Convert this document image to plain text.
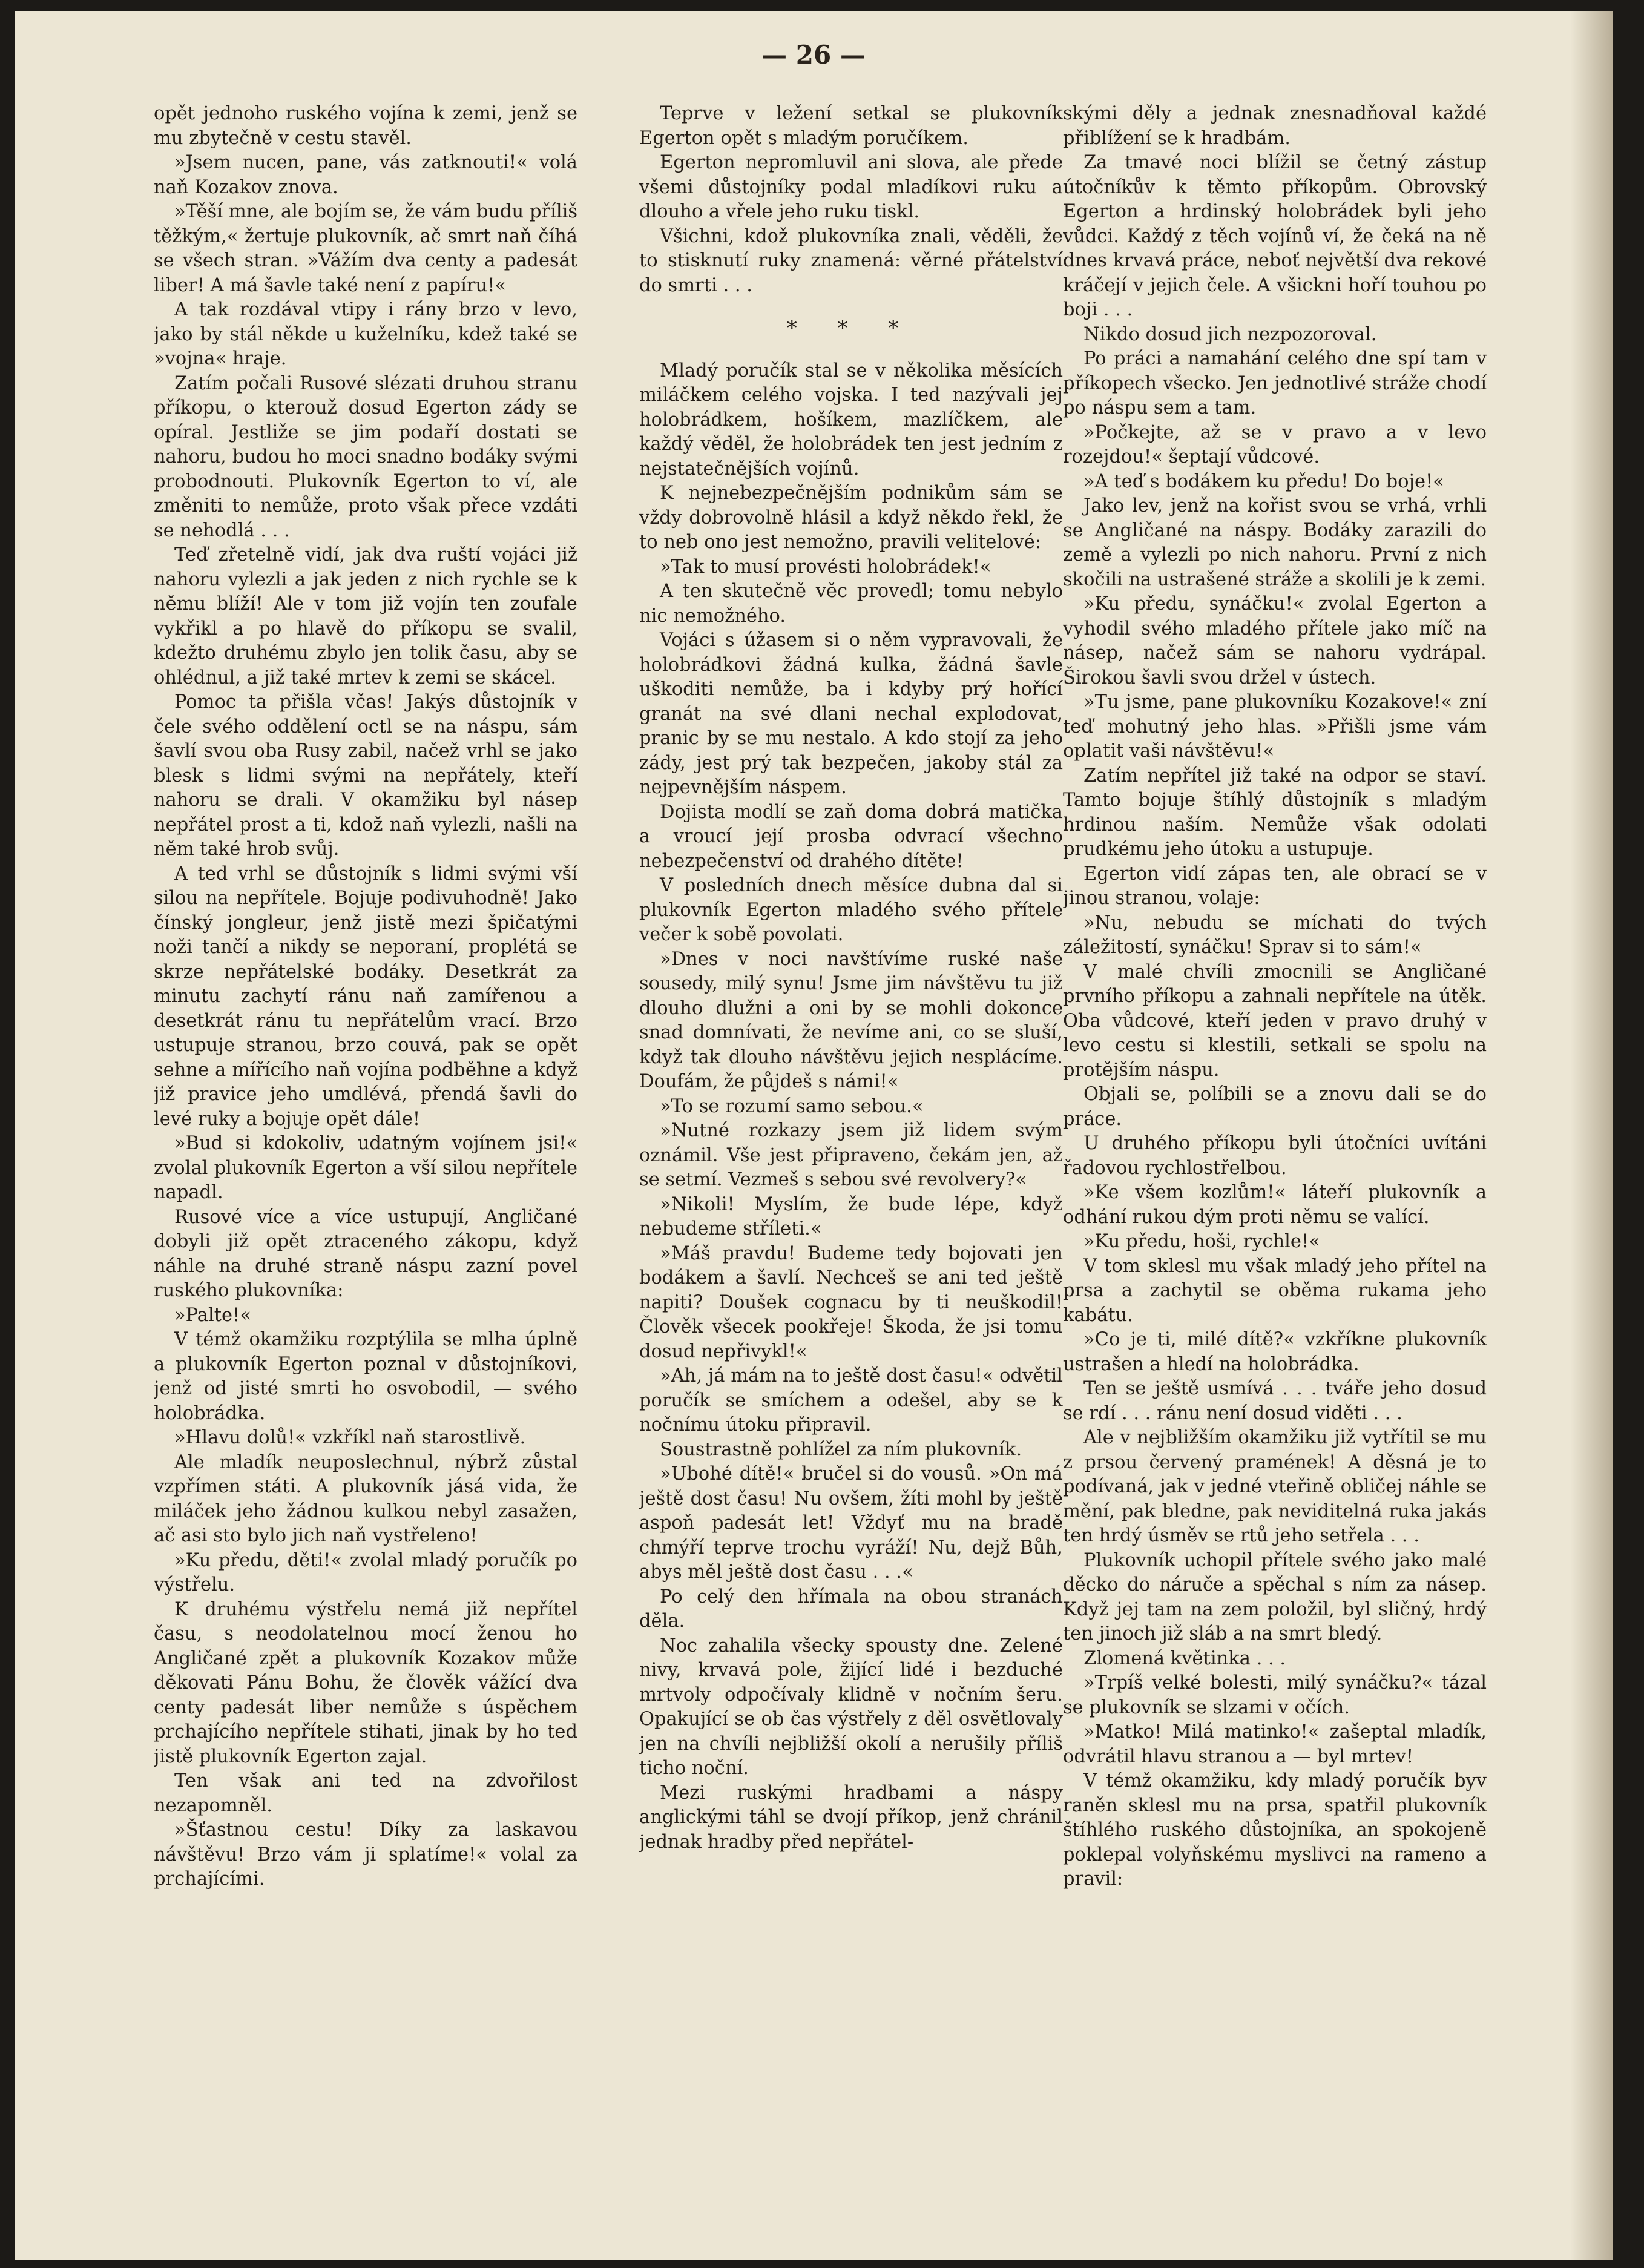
— 26 —

opět jednoho ruského vojína k zemi, jenž se mu zbytečně v cestu stavěl.

»Jsem nucen, pane, vás zatknouti!« volá naň Kozakov znova.

»Těší mne, ale bojím se, že vám budu příliš těžkým,« žertuje plukovník, ač smrt naň číhá se všech stran. »Vážím dva centy a padesát liber! A má šavle také není z papíru!«

A tak rozdával vtipy i rány brzo v levo, jako by stál někde u kuželníku, kdež také se »vojna« hraje.

Zatím počali Rusové slézati druhou stranu příkopu, o kterouž dosud Egerton zády se opíral. Jestliže se jim podaří dostati se nahoru, budou ho moci snadno bodáky svými probodnouti. Plukovník Egerton to ví, ale změniti to nemůže, proto však přece vzdáti se nehodlá . . .

Teď zřetelně vidí, jak dva ruští vojáci již nahoru vylezli a jak jeden z nich rychle se k němu blíží! Ale v tom již vojín ten zoufale vykřikl a po hlavě do příkopu se svalil, kdežto druhému zbylo jen tolik času, aby se ohlédnul, a již také mrtev k zemi se skácel.

Pomoc ta přišla včas! Jakýs důstojník v čele svého oddělení octl se na náspu, sám šavlí svou oba Rusy zabil, načež vrhl se jako blesk s lidmi svými na nepřátely, kteří nahoru se drali. V okamžiku byl násep nepřátel prost a ti, kdož naň vylezli, našli na něm také hrob svůj.

A ted vrhl se důstojník s lidmi svými vší silou na nepřítele. Bojuje podivuhodně! Jako čínský jongleur, jenž jistě mezi špičatými noži tančí a nikdy se neporaní, proplétá se skrze nepřátelské bodáky. Desetkrát za minutu zachytí ránu naň zamířenou a desetkrát ránu tu nepřátelům vrací. Brzo ustupuje stranou, brzo couvá, pak se opět sehne a mířícího naň vojína podběhne a když již pravice jeho umdlévá, přendá šavli do levé ruky a bojuje opět dále!

»Bud si kdokoliv, udatným vojínem jsi!« zvolal plukovník Egerton a vší silou nepřítele napadl.

Rusové více a více ustupují, Angličané dobyli již opět ztraceného zákopu, když náhle na druhé straně náspu zazní povel ruského plukovníka:

»Palte!«

V témž okamžiku rozptýlila se mlha úplně a plukovník Egerton poznal v důstojníkovi, jenž od jisté smrti ho osvobodil, — svého holobrádka.

»Hlavu dolů!« vzkříkl naň starostlivě.

Ale mladík neuposlechnul, nýbrž zůstal vzpřímen státi. A plukovník jásá vida, že miláček jeho žádnou kulkou nebyl zasažen, ač asi sto bylo jich naň vystřeleno!

»Ku předu, děti!« zvolal mladý poručík po výstřelu.

K druhému výstřelu nemá již nepřítel času, s neodolatelnou mocí ženou ho Angličané zpět a plukovník Kozakov může děkovati Pánu Bohu, že člověk vážící dva centy padesát liber nemůže s úspěchem prchajícího nepřítele stihati, jinak by ho ted jistě plukovník Egerton zajal.

Ten však ani ted na zdvořilost nezapomněl.

»Šťastnou cestu! Díky za laskavou návštěvu! Brzo vám ji splatíme!« volal za prchajícími.

Teprve v ležení setkal se plukovník Egerton opět s mladým poručíkem.

Egerton nepromluvil ani slova, ale přede všemi důstojníky podal mladíkovi ruku a dlouho a vřele jeho ruku tiskl.

Všichni, kdož plukovníka znali, věděli, že to stisknutí ruky znamená: věrné přátelství do smrti . . .

* * *

Mladý poručík stal se v několika měsících miláčkem celého vojska. I ted nazývali jej holobrádkem, hošíkem, mazlíčkem, ale každý věděl, že holobrádek ten jest jedním z nejstatečnějších vojínů.

K nejnebezpečnějším podnikům sám se vždy dobrovolně hlásil a když někdo řekl, že to neb ono jest nemožno, pravili velitelové:

»Tak to musí provésti holobrádek!«

A ten skutečně věc provedl; tomu nebylo nic nemožného.

Vojáci s úžasem si o něm vypravovali, že holobrádkovi žádná kulka, žádná šavle uškoditi nemůže, ba i kdyby prý hořící granát na své dlani nechal explodovat, pranic by se mu nestalo. A kdo stojí za jeho zády, jest prý tak bezpečen, jakoby stál za nejpevnějším náspem.

Dojista modlí se zaň doma dobrá matička a vroucí její prosba odvrací všechno nebezpečenství od drahého dítěte!

V posledních dnech měsíce dubna dal si plukovník Egerton mladého svého přítele večer k sobě povolati.

»Dnes v noci navštívíme ruské naše sousedy, milý synu! Jsme jim návštěvu tu již dlouho dlužni a oni by se mohli dokonce snad domnívati, že nevíme ani, co se sluší, když tak dlouho návštěvu jejich nesplácíme. Doufám, že půjdeš s námi!«

»To se rozumí samo sebou.«

»Nutné rozkazy jsem již lidem svým oznámil. Vše jest připraveno, čekám jen, až se setmí. Vezmeš s sebou své revolvery?«

»Nikoli! Myslím, že bude lépe, když nebudeme stříleti.«

»Máš pravdu! Budeme tedy bojovati jen bodákem a šavlí. Nechceš se ani ted ještě napiti? Doušek cognacu by ti neuškodil! Člověk všecek pookřeje! Škoda, že jsi tomu dosud nepřivykl!«

»Ah, já mám na to ještě dost času!« odvětil poručík se smíchem a odešel, aby se k nočnímu útoku připravil.

Soustrastně pohlížel za ním plukovník.

»Ubohé dítě!« bručel si do vousů. »On má ještě dost času! Nu ovšem, žíti mohl by ještě aspoň padesát let! Vždyť mu na bradě chmýří teprve trochu vyráží! Nu, dejž Bůh, abys měl ještě dost času . . .«

Po celý den hřímala na obou stranách děla.

Noc zahalila všecky spousty dne. Zelené nivy, krvavá pole, žijící lidé i bezduché mrtvoly odpočívaly klidně v nočním šeru. Opakující se ob čas výstřely z děl osvětlovaly jen na chvíli nejbližší okolí a nerušily příliš ticho noční.

Mezi ruskými hradbami a náspy anglickými táhl se dvojí příkop, jenž chránil jednak hradby před nepřátel-

skými děly a jednak znesnadňoval každé přiblížení se k hradbám.

Za tmavé noci blížil se četný zástup útočníkův k těmto příkopům. Obrovský Egerton a hrdinský holobrádek byli jeho vůdci. Každý z těch vojínů ví, že čeká na ně dnes krvavá práce, neboť největší dva rekové kráčejí v jejich čele. A všickni hoří touhou po boji . . .

Nikdo dosud jich nezpozoroval.

Po práci a namahání celého dne spí tam v příkopech všecko. Jen jednotlivé stráže chodí po náspu sem a tam.

»Počkejte, až se v pravo a v levo rozejdou!« šeptají vůdcové.

»A teď s bodákem ku předu! Do boje!«

Jako lev, jenž na kořist svou se vrhá, vrhli se Angličané na náspy. Bodáky zarazili do země a vylezli po nich nahoru. První z nich skočili na ustrašené stráže a skolili je k zemi.

»Ku předu, synáčku!« zvolal Egerton a vyhodil svého mladého přítele jako míč na násep, načež sám se nahoru vydrápal. Širokou šavli svou držel v ústech.

»Tu jsme, pane plukovníku Kozakove!« zní teď mohutný jeho hlas. »Přišli jsme vám oplatit vaši návštěvu!«

Zatím nepřítel již také na odpor se staví. Tamto bojuje štíhlý důstojník s mladým hrdinou naším. Nemůže však odolati prudkému jeho útoku a ustupuje.

Egerton vidí zápas ten, ale obrací se v jinou stranou, volaje:

»Nu, nebudu se míchati do tvých záležitostí, synáčku! Sprav si to sám!«

V malé chvíli zmocnili se Angličané prvního příkopu a zahnali nepřítele na útěk. Oba vůdcové, kteří jeden v pravo druhý v levo cestu si klestili, setkali se spolu na protějším náspu.

Objali se, políbili se a znovu dali se do práce.

U druhého příkopu byli útočníci uvítáni řadovou rychlostřelbou.

»Ke všem kozlům!« láteří plukovník a odhání rukou dým proti němu se valící.

»Ku předu, hoši, rychle!«

V tom sklesl mu však mladý jeho přítel na prsa a zachytil se oběma rukama jeho kabátu.

»Co je ti, milé dítě?« vzkříkne plukovník ustrašen a hledí na holobrádka.

Ten se ještě usmívá . . . tváře jeho dosud se rdí . . . ránu není dosud viděti . . .

Ale v nejbližším okamžiku již vytřítil se mu z prsou červený pramének! A děsná je to podívaná, jak v jedné vteřině obličej náhle se mění, pak bledne, pak neviditelná ruka jakás ten hrdý úsměv se rtů jeho setřela . . .

Plukovník uchopil přítele svého jako malé děcko do náruče a spěchal s ním za násep. Když jej tam na zem položil, byl sličný, hrdý ten jinoch již sláb a na smrt bledý.

Zlomená květinka . . .

»Trpíš velké bolesti, milý synáčku?« tázal se plukovník se slzami v očích.

»Matko! Milá matinko!« zašeptal mladík, odvrátil hlavu stranou a — byl mrtev!

V témž okamžiku, kdy mladý poručík byv raněn sklesl mu na prsa, spatřil plukovník štíhlého ruského důstojníka, an spokojeně poklepal volyňskému myslivci na rameno a pravil:
